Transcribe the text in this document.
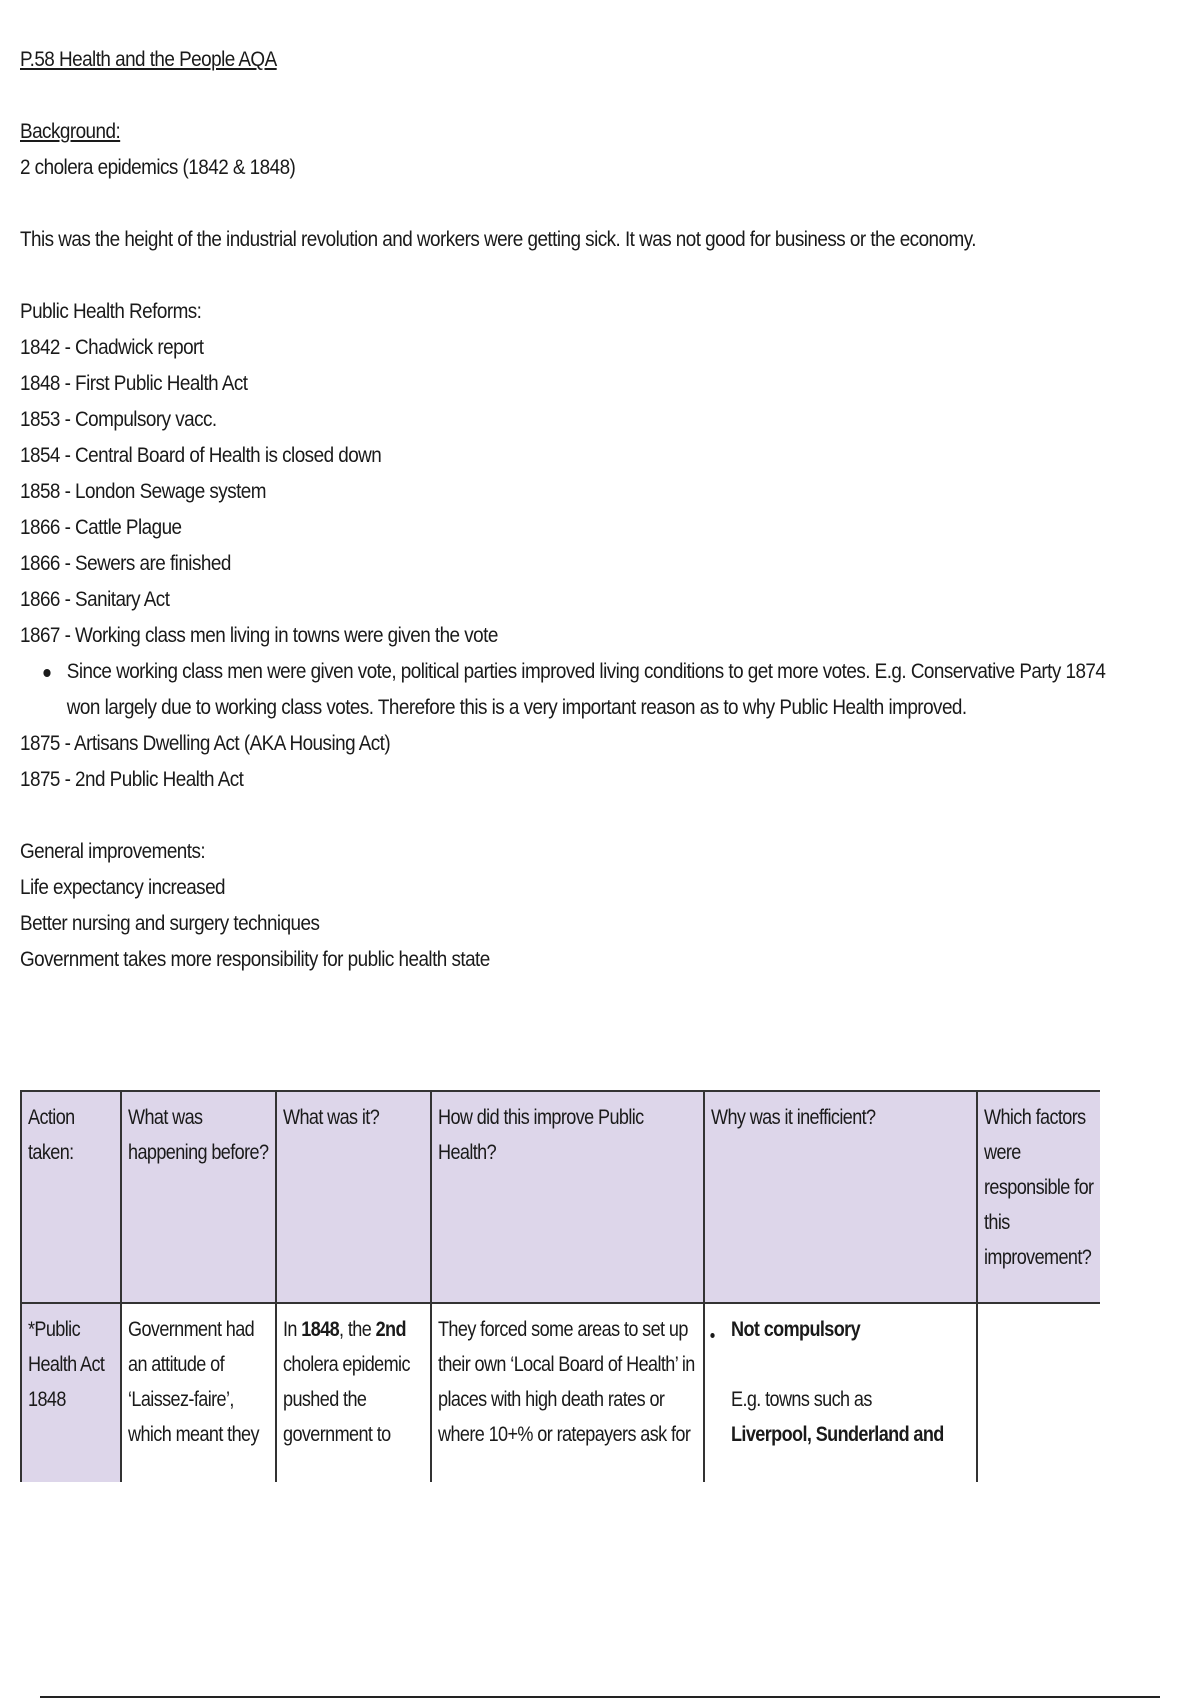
P.58 Health and the People AQA

Background:

2 cholera epidemics (1842 & 1848)

This was the height of the industrial revolution and workers were getting sick. It was not good for business or the economy.

Public Health Reforms:

1842 - Chadwick report

1848 - First Public Health Act

1853 - Compulsory vacc.

1854 - Central Board of Health is closed down

1858 - London Sewage system

1866 - Cattle Plague

1866 - Sewers are finished

1866 - Sanitary Act

1867 - Working class men living in towns were given the vote

Since working class men were given vote, political parties improved living conditions to get more votes. E.g. Conservative Party 1874 won largely due to working class votes. Therefore this is a very important reason as to why Public Health improved.

1875 - Artisans Dwelling Act (AKA Housing Act)

1875 - 2nd Public Health Act

General improvements:

Life expectancy increased

Better nursing and surgery techniques

Government takes more responsibility for public health state

Action taken:	What was happening before?	What was it?	How did this improve Public Health?	Why was it inefficient?	Which factors were responsible for this improvement?
*Public Health Act 1848	Government had an attitude of ‘Laissez-faire’, which meant they	In 1848, the 2nd cholera epidemic pushed the government to	They forced some areas to set up their own ‘Local Board of Health’ in places with high death rates or where 10+% or ratepayers ask for	Not compulsory

E.g. towns such as
Liverpool, Sunderland and	
